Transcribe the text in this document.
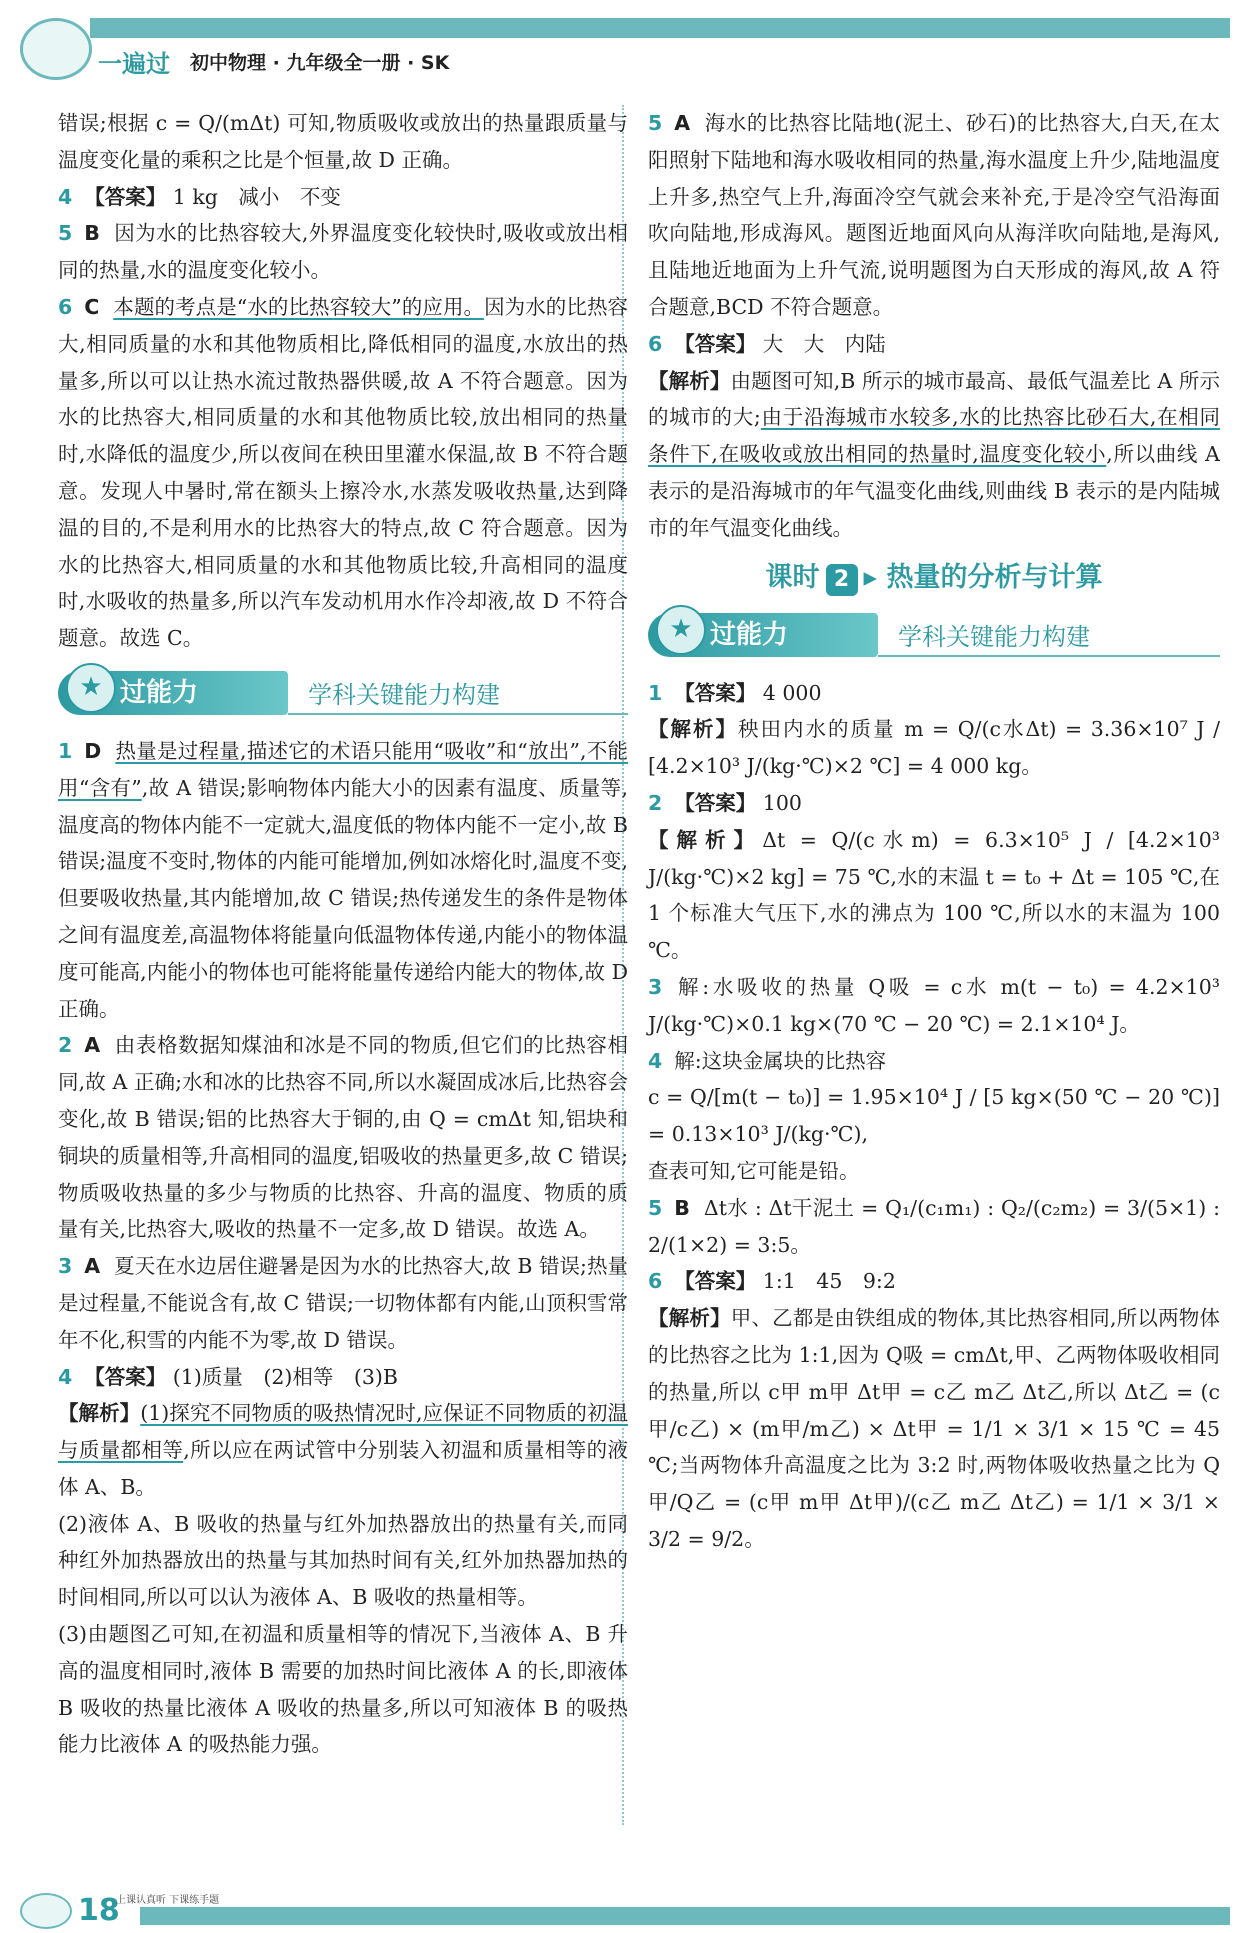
一遍过 初中物理 · 九年级全一册 · SK

错误;根据 c = Q/(mΔt) 可知,物质吸收或放出的热量跟质量与温度变化量的乘积之比是个恒量,故 D 正确。

4 【答案】 1 kg　减小　不变

5 B 因为水的比热容较大,外界温度变化较快时,吸收或放出相同的热量,水的温度变化较小。

6 C 本题的考点是“水的比热容较大”的应用。因为水的比热容大,相同质量的水和其他物质相比,降低相同的温度,水放出的热量多,所以可以让热水流过散热器供暖,故 A 不符合题意。因为水的比热容大,相同质量的水和其他物质比较,放出相同的热量时,水降低的温度少,所以夜间在秧田里灌水保温,故 B 不符合题意。发现人中暑时,常在额头上擦冷水,水蒸发吸收热量,达到降温的目的,不是利用水的比热容大的特点,故 C 符合题意。因为水的比热容大,相同质量的水和其他物质比较,升高相同的温度时,水吸收的热量多,所以汽车发动机用水作冷却液,故 D 不符合题意。故选 C。

★ 过能力	学科关键能力构建

1 D 热量是过程量,描述它的术语只能用“吸收”和“放出”,不能用“含有”,故 A 错误;影响物体内能大小的因素有温度、质量等,温度高的物体内能不一定就大,温度低的物体内能不一定小,故 B 错误;温度不变时,物体的内能可能增加,例如冰熔化时,温度不变,但要吸收热量,其内能增加,故 C 错误;热传递发生的条件是物体之间有温度差,高温物体将能量向低温物体传递,内能小的物体温度可能高,内能小的物体也可能将能量传递给内能大的物体,故 D 正确。

2 A 由表格数据知煤油和冰是不同的物质,但它们的比热容相同,故 A 正确;水和冰的比热容不同,所以水凝固成冰后,比热容会变化,故 B 错误;铝的比热容大于铜的,由 Q = cmΔt 知,铝块和铜块的质量相等,升高相同的温度,铝吸收的热量更多,故 C 错误;物质吸收热量的多少与物质的比热容、升高的温度、物质的质量有关,比热容大,吸收的热量不一定多,故 D 错误。故选 A。

3 A 夏天在水边居住避暑是因为水的比热容大,故 B 错误;热量是过程量,不能说含有,故 C 错误;一切物体都有内能,山顶积雪常年不化,积雪的内能不为零,故 D 错误。

4 【答案】 (1)质量　(2)相等　(3)B

【解析】(1)探究不同物质的吸热情况时,应保证不同物质的初温与质量都相等,所以应在两试管中分别装入初温和质量相等的液体 A、B。

(2)液体 A、B 吸收的热量与红外加热器放出的热量有关,而同种红外加热器放出的热量与其加热时间有关,红外加热器加热的时间相同,所以可以认为液体 A、B 吸收的热量相等。

(3)由题图乙可知,在初温和质量相等的情况下,当液体 A、B 升高的温度相同时,液体 B 需要的加热时间比液体 A 的长,即液体 B 吸收的热量比液体 A 吸收的热量多,所以可知液体 B 的吸热能力比液体 A 的吸热能力强。

5 A 海水的比热容比陆地(泥土、砂石)的比热容大,白天,在太阳照射下陆地和海水吸收相同的热量,海水温度上升少,陆地温度上升多,热空气上升,海面冷空气就会来补充,于是冷空气沿海面吹向陆地,形成海风。题图近地面风向从海洋吹向陆地,是海风,且陆地近地面为上升气流,说明题图为白天形成的海风,故 A 符合题意,BCD 不符合题意。

6 【答案】 大　大　内陆

【解析】由题图可知,B 所示的城市最高、最低气温差比 A 所示的城市的大;由于沿海城市水较多,水的比热容比砂石大,在相同条件下,在吸收或放出相同的热量时,温度变化较小,所以曲线 A 表示的是沿海城市的年气温变化曲线,则曲线 B 表示的是内陆城市的年气温变化曲线。

课时 2 ▸ 热量的分析与计算
★ 过能力	学科关键能力构建

1 【答案】 4 000

【解析】秧田内水的质量 m = Q/(c水Δt) = 3.36×10⁷ J / [4.2×10³ J/(kg·℃)×2 ℃] = 4 000 kg。

2 【答案】 100

【解析】Δt = Q/(c水m) = 6.3×10⁵ J / [4.2×10³ J/(kg·℃)×2 kg] = 75 ℃,水的末温 t = t₀ + Δt = 105 ℃,在 1 个标准大气压下,水的沸点为 100 ℃,所以水的末温为 100 ℃。

3 解:水吸收的热量 Q吸 = c水 m(t − t₀) = 4.2×10³ J/(kg·℃)×0.1 kg×(70 ℃ − 20 ℃) = 2.1×10⁴ J。

4 解:这块金属块的比热容

c = Q/[m(t − t₀)] = 1.95×10⁴ J / [5 kg×(50 ℃ − 20 ℃)] = 0.13×10³ J/(kg·℃),

查表可知,它可能是铅。

5 B Δt水 : Δt干泥土 = Q₁/(c₁m₁) : Q₂/(c₂m₂) = 3/(5×1) : 2/(1×2) = 3:5。

6 【答案】 1:1　45　9:2

【解析】甲、乙都是由铁组成的物体,其比热容相同,所以两物体的比热容之比为 1:1,因为 Q吸 = cmΔt,甲、乙两物体吸收相同的热量,所以 c甲 m甲 Δt甲 = c乙 m乙 Δt乙,所以 Δt乙 = (c甲/c乙) × (m甲/m乙) × Δt甲 = 1/1 × 3/1 × 15 ℃ = 45 ℃;当两物体升高温度之比为 3:2 时,两物体吸收热量之比为 Q甲/Q乙 = (c甲 m甲 Δt甲)/(c乙 m乙 Δt乙) = 1/1 × 3/1 × 3/2 = 9/2。

18
上课认真听 下课练手题
